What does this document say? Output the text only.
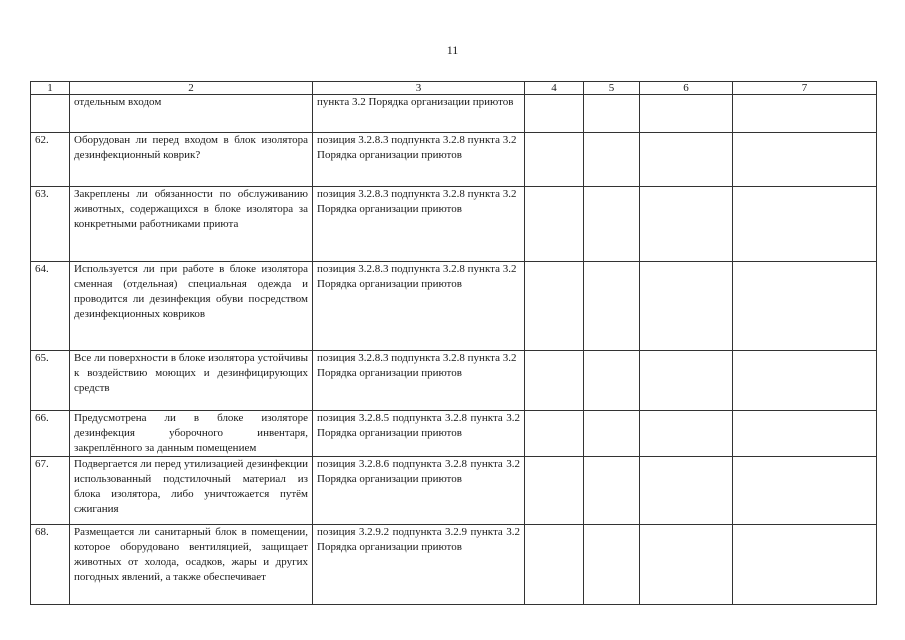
11
1	2	3	4	5	6	7
	отдельным входом	пункта 3.2 Порядка организации приютов				
62.	Оборудован ли перед входом в блок изолятора дезинфекционный коврик?	позиция 3.2.8.3 подпункта 3.2.8 пункта 3.2 Порядка организации приютов				
63.	Закреплены ли обязанности по обслуживанию животных, содержащихся в блоке изолятора за конкретными работниками приюта	позиция 3.2.8.3 подпункта 3.2.8 пункта 3.2 Порядка организации приютов				
64.	Используется ли при работе в блоке изолятора сменная (отдельная) специальная одежда и проводится ли дезинфекция обуви посредством дезинфекционных ковриков	позиция 3.2.8.3 подпункта 3.2.8 пункта 3.2 Порядка организации приютов				
65.	Все ли поверхности в блоке изолятора устойчивы к воздействию моющих и дезинфицирующих средств	позиция 3.2.8.3 подпункта 3.2.8 пункта 3.2 Порядка организации приютов				
66.	Предусмотрена ли в блоке изоляторе дезинфекция уборочного инвентаря, закреплённого за данным помещением	позиция 3.2.8.5 подпункта 3.2.8 пункта 3.2 Порядка организации приютов				
67.	Подвергается ли перед утилизацией дезинфекции использованный подстилочный материал из блока изолятора, либо уничтожается путём сжигания	позиция 3.2.8.6 подпункта 3.2.8 пункта 3.2 Порядка организации приютов				
68.	Размещается ли санитарный блок в помещении, которое оборудовано вентиляцией, защищает животных от холода, осадков, жары и других погодных явлений, а также обеспечивает	позиция 3.2.9.2 подпункта 3.2.9 пункта 3.2 Порядка организации приютов				
